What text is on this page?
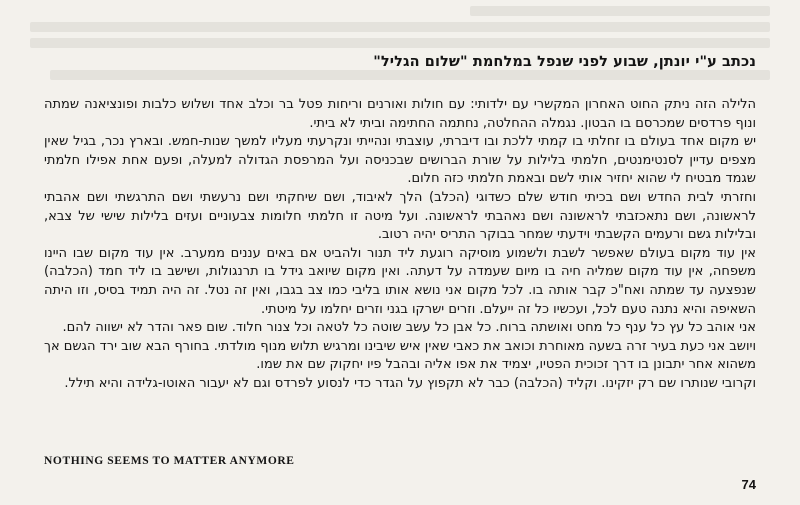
נכתב ע"י יונתן, שבוע לפני שנפל במלחמת "שלום הגליל"

הלילה הזה ניתק החוט האחרון המקשרי עם ילדותי: עם חולות ואורנים וריחות פטל בר וכלב אחד ושלוש כלבות ופונציאנה שמתה ונוף פרדסים שמכרסם בו הבטון. נגמלה ההחלטה, נחתמה החתימה וביתי לא ביתי.

יש מקום אחד בעולם בו זחלתי בו קמתי ללכת ובו דיברתי, עוצבתי ונהייתי ונקרעתי מעליו למשך שנות-חמש. ובארץ נכר, בגיל שאין מצפים עדיין לסנטימנטים, חלמתי בלילות על שורת הברושים שבכניסה ועל המרפסת הגדולה למעלה, ופעם אחת אפילו חלמתי שגמד מבטיח לי שהוא יחזיר אותי לשם ובאמת חלמתי כזה חלום.

וחזרתי לבית החדש ושם בכיתי חודש שלם כשדוגי (הכלב) הלך לאיבוד, ושם שיחקתי ושם נרעשתי ושם התרגשתי ושם אהבתי לראשונה, ושם נתאכזבתי לראשונה ושם נאהבתי לראשונה. ועל מיטה זו חלמתי חלומות צבעוניים ועזים בלילות שישי של צבא, ובלילות גשם ורעמים הקשבתי וידעתי שמחר בבוקר התריס יהיה רטוב.

אין עוד מקום בעולם שאפשר לשבת ולשמוע מוסיקה רוגעת ליד תנור ולהביט אם באים עננים ממערב. אין עוד מקום שבו היינו משפחה, אין עוד מקום שמליה חיה בו מיום שעמדה על דעתה. ואין מקום שיואב גידל בו תרנגולות, ושישב בו ליד חמד (הכלבה) שנפצעה עד שמתה ואח"כ קבר אותה בו. לכל מקום אני נושא אותו בליבי כמו צב בגבו, ואין זה נטל. זה היה תמיד בסיס, וזו היתה השאיפה והיא נתנה טעם לכל, ועכשיו כל זה ייעלם. וזרים ישרקו בגני וזרים יחלמו על מיטתי.

אני אוהב כל עץ כל ענף כל מחט ואושתה ברוח. כל אבן כל עשב שוטה כל לטאה וכל צנור חלוד. שום פאר והדר לא ישווה להם.

ויושב אני כעת בעיר זרה בשעה מאוחרת וכואב את כאבי שאין איש שיבינו ומרגיש תלוש מנוף מולדתי. בחורף הבא שוב ירד הגשם אך משהוא אחר יתבונן בו דרך זכוכית הפטיו, יצמיד את אפו אליה ובהבל פיו יחקוק שם את שמו.

וקרובי שנותרו שם רק יזקינו. וקליד (הכלבה) כבר לא תקפוץ על הגדר כדי לנסוע לפרדס וגם לא יעבור האוטו-גלידה והיא תילל.

NOTHING SEEMS TO MATTER ANYMORE
74
